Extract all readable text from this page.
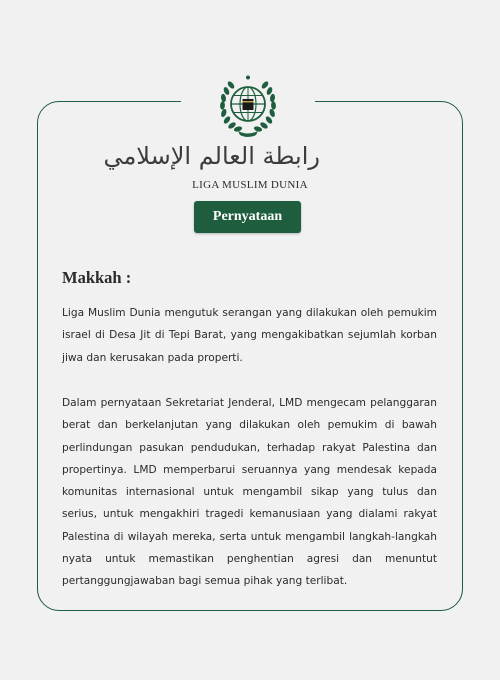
رابطة العالم الإسلامي
LIGA MUSLIM DUNIA
Pernyataan
Makkah :

Liga Muslim Dunia mengutuk serangan yang dilakukan oleh pemukim israel di Desa Jit di Tepi Barat, yang mengakibatkan sejumlah korban jiwa dan kerusakan pada properti.

Dalam pernyataan Sekretariat Jenderal, LMD mengecam pelanggaran berat dan berkelanjutan yang dilakukan oleh pemukim di bawah perlindungan pasukan pendudukan, terhadap rakyat Palestina dan propertinya. LMD memperbarui seruannya yang mendesak kepada komunitas internasional untuk mengambil sikap yang tulus dan serius, untuk mengakhiri tragedi kemanusiaan yang dialami rakyat Palestina di wilayah mereka, serta untuk mengambil langkah-langkah nyata untuk memastikan penghentian agresi dan menuntut pertanggungjawaban bagi semua pihak yang terlibat.
